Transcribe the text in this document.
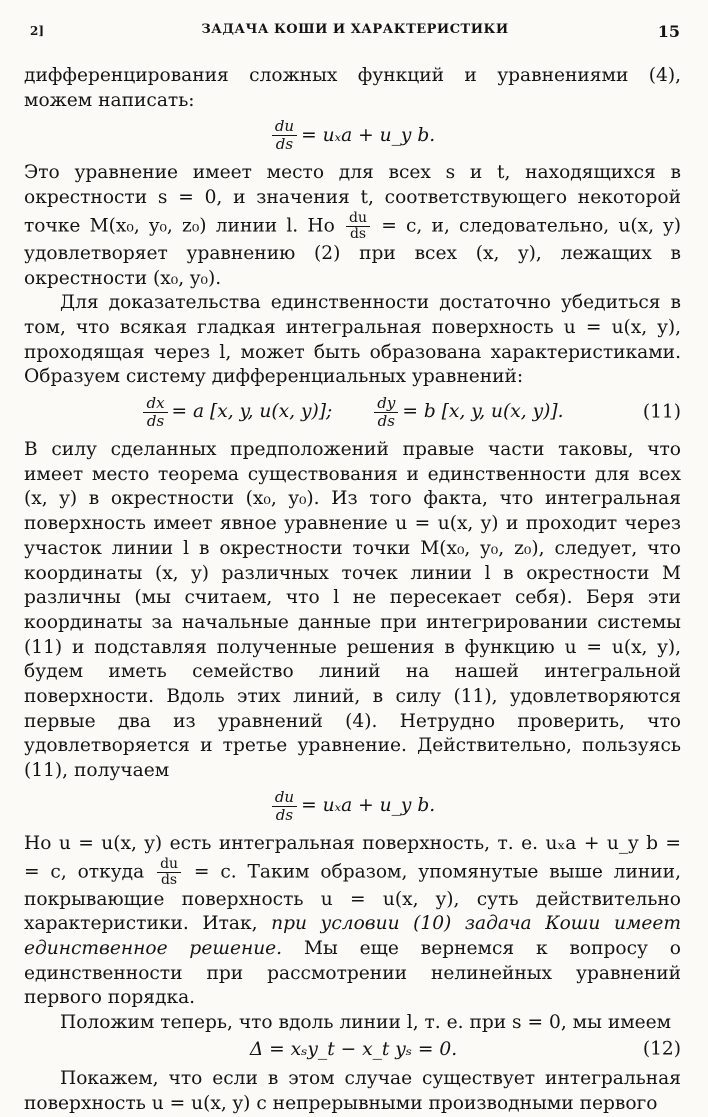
2]	ЗАДАЧА КОШИ И ХАРАКТЕРИСТИКИ	15

дифференцирования сложных функций и уравнениями (4), можем написать:

$\frac{du}{ds} = u_xa$ + u_y b.

Это уравнение имеет место для всех s и t, находящихся в окрестности s = 0, и значения t, соответствующего некоторой точке M(x₀, y₀, z₀) линии l. Но $\frac{du}{ds} = c$, и, следовательно, u(x, y) удовлетворяет уравнению (2) при всех (x, y), лежащих в окрестности (x₀, y₀).

Для доказательства единственности достаточно убедиться в том, что всякая гладкая интегральная поверхность u = u(x, y), проходящая через l, может быть образована характеристиками. Образуем систему дифференциальных уравнений:

$\frac{dx}{ds} = a$ [x, y, u(x, y)];	$\frac{dy}{ds} = b$ [x, y, u(x, y)].	(11)

В силу сделанных предположений правые части таковы, что имеет место теорема существования и единственности для всех (x, y) в окрестности (x₀, y₀). Из того факта, что интегральная поверхность имеет явное уравнение u = u(x, y) и проходит через участок линии l в окрестности точки M(x₀, y₀, z₀), следует, что координаты (x, y) различных точек линии l в окрестности M различны (мы считаем, что l не пересекает себя). Беря эти координаты за начальные данные при интегрировании системы (11) и подставляя полученные решения в функцию u = u(x, y), будем иметь семейство линий на нашей интегральной поверхности. Вдоль этих линий, в силу (11), удовлетворяются первые два из уравнений (4). Нетрудно проверить, что удовлетворяется и третье уравнение. Действительно, пользуясь (11), получаем

$\frac{du}{ds} = u_xa$ + u_y b.

Но u = u(x, y) есть интегральная поверхность, т. е. uₓa + u_y b = = c, откуда $\frac{du}{ds} = c$. Таким образом, упомянутые выше линии, покрывающие поверхность u = u(x, y), суть действительно характеристики. Итак, при условии (10) задача Коши имеет единственное решение. Мы еще вернемся к вопросу о единственности при рассмотрении нелинейных уравнений первого порядка.

Положим теперь, что вдоль линии l, т. е. при s = 0, мы имеем

Δ = xₛy_t − x_t yₛ = 0.	(12)

Покажем, что если в этом случае существует интегральная поверхность u = u(x, y) с непрерывными производными первого
